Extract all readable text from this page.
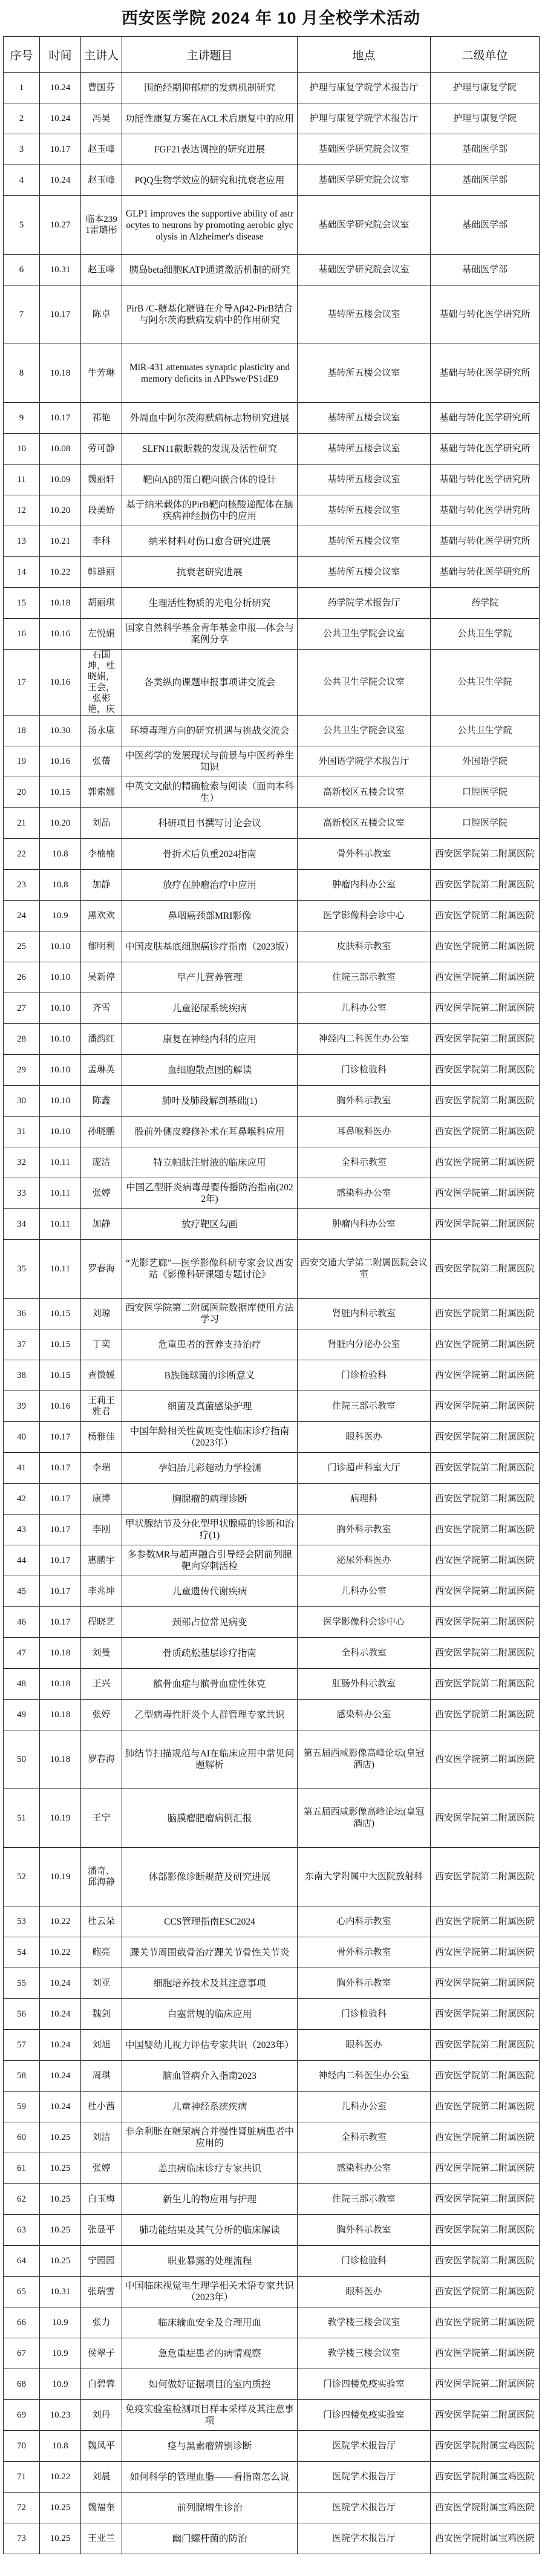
西安医学院 2024 年 10 月全校学术活动
序号	时间	主讲人	主讲题目	地点	二级单位
1	10.24	曹国芬	围绝经期抑郁症的发病机制研究	护理与康复学院学术报告厅	护理与康复学院
2	10.24	冯昊	功能性康复方案在ACL术后康复中的应用	护理与康复学院学术报告厅	护理与康复学院
3	10.17	赵玉峰	FGF21表达调控的研究进展	基础医学研究院会议室	基础医学部
4	10.24	赵玉峰	PQQ生物学效应的研究和抗衰老应用	基础医学研究院会议室	基础医学部
5	10.27	临本2391雷璐彤	GLP1 improves the supportive ability of astrocytes to neurons by promoting aerobic glycolysis in Alzheimer's disease	基础医学研究院会议室	基础医学部
6	10.31	赵玉峰	胰岛beta细胞KATP通道激活机制的研究	基础医学研究院会议室	基础医学部
7	10.17	陈卓	PirB /C-糖基化糖链在介导Aβ42-PirB结合与阿尔茨海默病发病中的作用研究	基转所五楼会议室	基础与转化医学研究所
8	10.18	牛芳琳	MiR-431 attenuates synaptic plasticity and memory deficits in APPswe/PS1dE9	基转所五楼会议室	基础与转化医学研究所
9	10.17	祁艳	外周血中阿尔茨海默病标志物研究进展	基转所五楼会议室	基础与转化医学研究所
10	10.08	劳可静	SLFN11截断载的发现及活性研究	基转所五楼会议室	基础与转化医学研究所
11	10.09	魏丽轩	靶向Aβ的蛋白靶向嵌合体的设计	基转所五楼会议室	基础与转化医学研究所
12	10.20	段美娇	基于纳米载体的PirB靶向核酸递配体在脑疾病神经损伤中的应用	基转所五楼会议室	基础与转化医学研究所
13	10.21	李科	纳米材料对伤口愈合研究进展	基转所五楼会议室	基础与转化医学研究所
14	10.22	韩雄丽	抗衰老研究进展	基转所五楼会议室	基础与转化医学研究所
15	10.18	胡丽琪	生理活性物质的光电分析研究	药学院学术报告厅	药学院
16	10.16	左悦娟	国家自然科学基金青年基金申报—体会与案例分享	公共卫生学院会议室	公共卫生学院
17	10.16	石国坤，杜晓娟，王会，张彬艳，庆	各类纵向课题申报事项讲交流会	公共卫生学院会议室	公共卫生学院
18	10.30	汤永康	环境毒理方向的研究机遇与挑战交流会	公共卫生学院会议室	公共卫生学院
19	10.16	张蒨	中医药学的发展现状与前景与中医药养生知识	外国语学院学术报告厅	外国语学院
20	10.15	郭索娜	中英文文献的精确检索与阅读（面向本科生）	高新校区五楼会议室	口腔医学院
21	10.20	刘晶	科研项目书撰写讨论会议	高新校区五楼会议室	口腔医学院
22	10.8	李楠楠	骨折术后负重2024指南	骨外科示教室	西安医学院第二附属医院
23	10.8	加静	放疗在肿瘤治疗中应用	肿瘤内科办公室	西安医学院第二附属医院
24	10.9	黑欢欢	鼻咽癌颈部MRI影像	医学影像科会诊中心	西安医学院第二附属医院
25	10.10	郁明利	中国皮肤基底细胞癌诊疗指南（2023版）	皮肤科示教室	西安医学院第二附属医院
26	10.10	吴新停	早产儿营养管理	住院三部示教室	西安医学院第二附属医院
27	10.10	齐雪	儿童泌尿系统疾病	儿科办公室	西安医学院第二附属医院
28	10.10	潘韵红	康复在神经内科的应用	神经内二科医生办公室	西安医学院第二附属医院
29	10.10	孟琳英	血细胞散点图的解读	门诊检验科	西安医学院第二附属医院
30	10.10	陈鑫	肺叶及肺段解剖基础(1)	胸外科示教室	西安医学院第二附属医院
31	10.10	孙晓鹏	股前外侧皮瓣修补术在耳鼻喉科应用	耳鼻喉科医办	西安医学院第二附属医院
32	10.11	庞洁	特立帕肽注射液的临床应用	全科示教室	西安医学院第二附属医院
33	10.11	张婷	中国乙型肝炎病毒母婴传播防治指南(2022年)	感染科办公室	西安医学院第二附属医院
34	10.11	加静	放疗靶区勾画	肿瘤内科办公室	西安医学院第二附属医院
35	10.11	罗春海	“光影艺廊”—医学影像科研专家会议西安站《影像科研课题专题讨论》	西安交通大学第二附属医院会议室	西安医学院第二附属医院
36	10.15	刘琼	西安医学院第二附属医院数据库使用方法学习	肾脏内科示教室	西安医学院第二附属医院
37	10.15	丁奕	危重患者的营养支持治疗	肾脏内分泌办公室	西安医学院第二附属医院
38	10.15	查微媛	B族链球菌的诊断意义	门诊检验科	西安医学院第二附属医院
39	10.16	王莉王雅君	细菌及真菌感染护理	住院三部示教室	西安医学院第二附属医院
40	10.17	杨雅佳	中国年龄相关性黄斑变性临床诊疗指南（2023年）	眼科医办	西安医学院第二附属医院
41	10.17	李瑞	孕妇胎儿彩超动力学检测	门诊超声科室大厅	西安医学院第二附属医院
42	10.17	康博	胸腺瘤的病理诊断	病理科	西安医学院第二附属医院
43	10.17	李刚	甲状腺结节及分化型甲状腺癌的诊断和治疗(1)	胸外科示教室	西安医学院第二附属医院
44	10.17	惠鹏宇	多参数MR与超声融合引导经会阴前列腺靶向穿刺活检	泌尿外科医办	西安医学院第二附属医院
45	10.17	李兆坤	儿童遗传代谢疾病	儿科办公室	西安医学院第二附属医院
46	10.17	程晓艺	颈部占位常见病变	医学影像科会诊中心	西安医学院第二附属医院
47	10.18	刘曼	骨质疏松基层诊疗指南	全科示教室	西安医学院第二附属医院
48	10.18	王兴	髌骨血症与髌骨血症性休克	肛肠外科示教室	西安医学院第二附属医院
49	10.18	张婷	乙型病毒性肝炎个人群管理专家共识	感染科办公室	西安医学院第二附属医院
50	10.18	罗春海	肺结节扫描规范与AI在临床应用中常见问题解析	第五届西咸影像高峰论坛(皇冠酒店)	西安医学院第二附属医院
51	10.19	王宁	脑膜瘤肥瘤病例汇报	第五届西咸影像高峰论坛(皇冠酒店)	西安医学院第二附属医院
52	10.19	潘奇、邱海静	体部影像诊断规范及研究进展	东南大学附属中大医院放射科	西安医学院第二附属医院
53	10.22	杜云朵	CCS管理指南ESC2024	心内科示教室	西安医学院第二附属医院
54	10.22	鲍亮	踝关节周围截骨治疗踝关节骨性关节炎	骨外科示教室	西安医学院第二附属医院
55	10.24	刘亚	细胞培养技术及其注意事项	胸外科示教室	西安医学院第二附属医院
56	10.24	魏剑	白塞常规的临床应用	门诊检验科	西安医学院第二附属医院
57	10.24	刘旭	中国婴幼儿视力评估专家共识（2023年）	眼科医办	西安医学院第二附属医院
58	10.24	周琪	脑血管病介入指南2023	神经内二科医生办公室	西安医学院第二附属医院
59	10.24	杜小茜	儿童神经系统疾病	儿科办公室	西安医学院第二附属医院
60	10.25	刘洁	非余利胀在糖尿病合并慢性肾脏病患者中应用的	全科示教室	西安医学院第二附属医院
61	10.25	张婷	恙虫病临床诊疗专家共识	感染科办公室	西安医学院第二附属医院
62	10.25	白玉梅	新生儿的物应用与护理	住院三部示教室	西安医学院第二附属医院
63	10.25	张显平	肺功能结果及其气分析的临床解读	胸外科示教室	西安医学院第二附属医院
64	10.25	宁园园	职业暴露的处理流程	门诊检验科	西安医学院第二附属医院
65	10.31	张瑞雪	中国临床视觉电生理学相关术语专家共识（2023年）	眼科医办	西安医学院第二附属医院
66	10.9	张力	临床输血安全及合理用血	教学楼三楼会议室	西安医学院第二附属医院
67	10.9	侯翠子	急危重症患者的病情观察	教学楼三楼会议室	西安医学院第二附属医院
68	10.9	白碧蓉	如何做好证据项目的室内质控	门诊四楼免疫实验室	西安医学院第二附属医院
69	10.23	刘丹	免疫实验室检测项目样本采样及其注意事项	门诊四楼免疫实验室	西安医学院第二附属医院
70	10.8	魏凤平	痉与黑素瘤辨别诊断	医院学术报告厅	西安医学院附属宝鸡医院
71	10.22	刘晨	如何科学的管理血脂——看指南怎么说	医院学术报告厅	西安医学院附属宝鸡医院
72	10.25	魏福奎	前列腺增生诊治	医院学术报告厅	西安医学院附属宝鸡医院
73	10.25	王亚兰	幽门螺杆菌的防治	医院学术报告厅	西安医学院附属宝鸡医院
